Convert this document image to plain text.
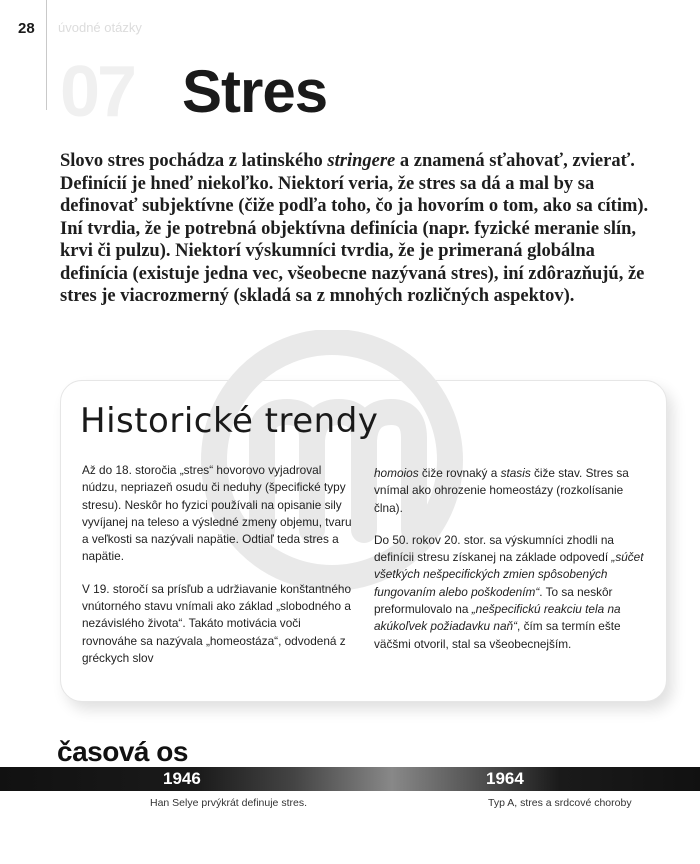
28 úvodné otázky
07 Stres

Slovo stres pochádza z latinského stringere a znamená sťahovať, zvierať. Definícií je hneď niekoľko. Niektorí veria, že stres sa dá a mal by sa definovať subjektívne (čiže podľa toho, čo ja hovorím o tom, ako sa cítim). Iní tvrdia, že je potrebná objektívna definícia (napr. fyzické meranie slín, krvi či pulzu). Niektorí výskumníci tvrdia, že je primeraná globálna definícia (existuje jedna vec, všeobecne nazývaná stres), iní zdôrazňujú, že stres je viacrozmerný (skladá sa z mnohých rozličných aspektov).

Historické trendy

Až do 18. storočia „stres“ hovorovo vyjadroval núdzu, nepriazeň osudu či neduhy (špecifické typy stresu). Neskôr ho fyzici používali na opisanie sily vyvíjanej na teleso a výsledné zmeny objemu, tvaru a veľkosti sa nazývali napätie. Odtiaľ teda stres a napätie.

V 19. storočí sa prísľub a udržiavanie konštantného vnútorného stavu vnímali ako základ „slobodného a nezávislého života“. Takáto motivácia voči rovnováhe sa nazývala „homeostáza“, odvodená z gréckych slov

homoios čiže rovnaký a stasis čiže stav. Stres sa vnímal ako ohrozenie homeostázy (rozkolísanie člna).

Do 50. rokov 20. stor. sa výskumníci zhodli na definícii stresu získanej na základe odpovedí „súčet všetkých nešpecifických zmien spôsobených fungovaním alebo poškodením“. To sa neskôr preformulovalo na „nešpecifickú reakciu tela na akúkoľvek požiadavku naň“, čím sa termín ešte väčšmi otvoril, stal sa všeobecnejším.

časová os
1946	1964
Han Selye prvýkrát definuje stres.	Typ A, stres a srdcové choroby
